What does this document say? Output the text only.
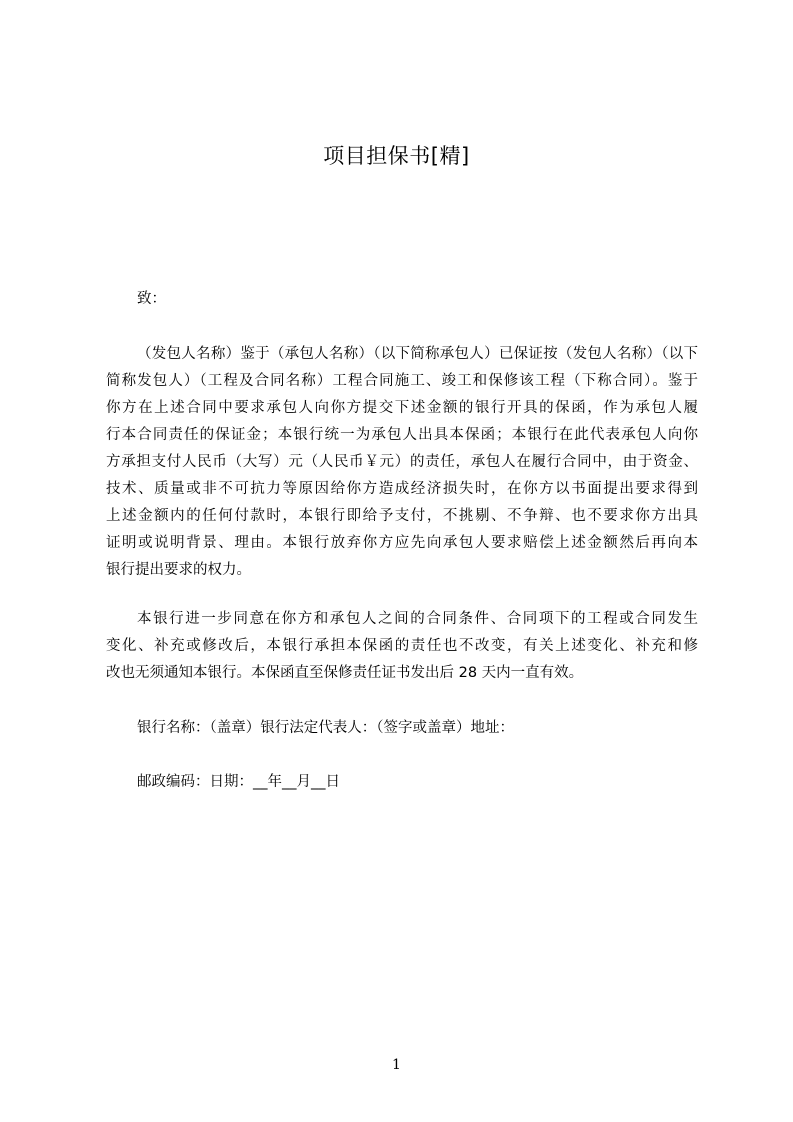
项目担保书[精]
致：
（发包人名称）鉴于（承包人名称）（以下简称承包人）已保证按（发包人名称）（以下
简称发包人）（工程及合同名称）工程合同施工、竣工和保修该工程（下称合同）。鉴于
你方在上述合同中要求承包人向你方提交下述金额的银行开具的保函，作为承包人履
行本合同责任的保证金；本银行统一为承包人出具本保函；本银行在此代表承包人向你
方承担支付人民币（大写）元（人民币￥元）的责任，承包人在履行合同中，由于资金、
技术、质量或非不可抗力等原因给你方造成经济损失时，在你方以书面提出要求得到
上述金额内的任何付款时，本银行即给予支付，不挑剔、不争辩、也不要求你方出具
证明或说明背景、理由。本银行放弃你方应先向承包人要求赔偿上述金额然后再向本
银行提出要求的权力。
本银行进一步同意在你方和承包人之间的合同条件、合同项下的工程或合同发生
变化、补充或修改后，本银行承担本保函的责任也不改变，有关上述变化、补充和修
改也无须通知本银行。本保函直至保修责任证书发出后 28 天内一直有效。
银行名称：（盖章）银行法定代表人：（签字或盖章）地址：
邮政编码：日期：__年__月__日
1
